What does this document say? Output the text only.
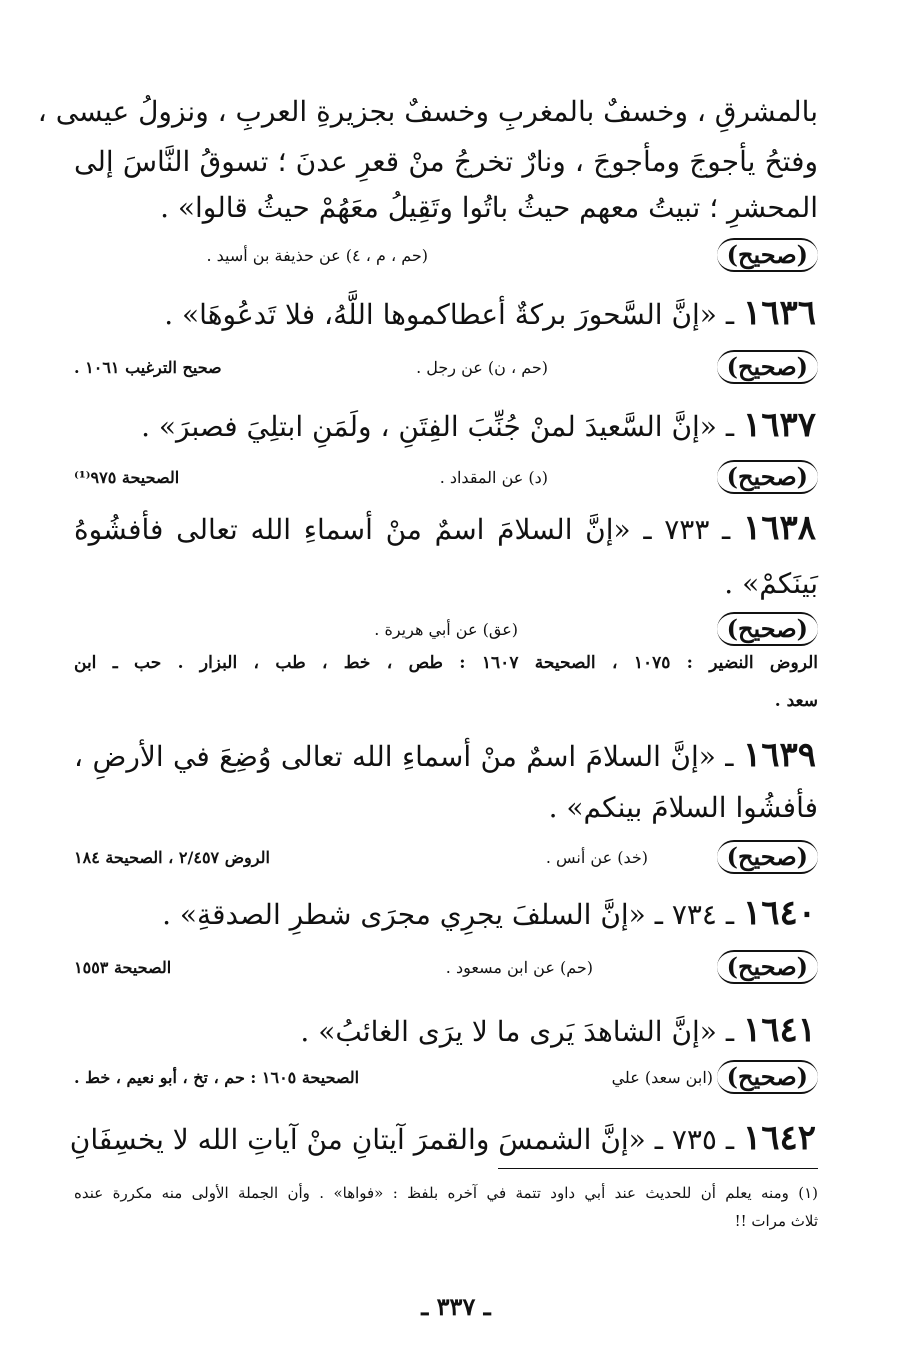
بالمشرقِ ، وخسفٌ بالمغربِ وخسفٌ بجزيرةِ العربِ ، ونزولُ عيسى ،
وفتحُ يأجوجَ ومأجوجَ ، ونارٌ تخرجُ منْ قعرِ عدنَ ؛ تسوقُ النَّاسَ إلى
المحشرِ ؛ تبيتُ معهم حيثُ باتُوا وتَقِيلُ معَهُمْ حيثُ قالوا» .
( صحيح )
(حم ، م ، ٤) عن حذيفة بن أسيد .
١٦٣٦ ـ «إنَّ السَّحورَ بركةٌ أعطاكموها اللَّهُ، فلا تَدعُوهَا» .
( صحيح )
(حم ، ن) عن رجل .
صحيح الترغيب ١٠٦١ .
١٦٣٧ ـ «إنَّ السَّعيدَ لمنْ جُنِّبَ الفِتَنِ ، ولَمَنِ ابتلِيَ فصبرَ» .
( صحيح )
(د) عن المقداد .
الصحيحة ٩٧٥⁽¹⁾
١٦٣٨ ـ ٧٣٣ ـ «إنَّ السلامَ اسمٌ منْ أسماءِ الله تعالى فأفشُوهُ
بَينَكمْ» .
( صحيح )
(عق) عن أبي هريرة .
الروض النضير : ١٠٧٥ ، الصحيحة ١٦٠٧ : طص ، خط ، طب ، البزار . حب ـ ابن
سعد .
١٦٣٩ ـ «إنَّ السلامَ اسمٌ منْ أسماءِ الله تعالى وُضِعَ في الأرضِ ،
فأفشُوا السلامَ بينكم» .
( صحيح )
(خد) عن أنس .
الروض ٢/٤٥٧ ، الصحيحة ١٨٤
١٦٤٠ ـ ٧٣٤ ـ «إنَّ السلفَ يجرِي مجرَى شطرِ الصدقةِ» .
( صحيح )
(حم) عن ابن مسعود .
الصحيحة ١٥٥٣
١٦٤١ ـ «إنَّ الشاهدَ يَرى ما لا يرَى الغائبُ» .
( صحيح )
(ابن سعد) علي
الصحيحة ١٦٠٥ : حم ، تخ ، أبو نعيم ، خط .
١٦٤٢ ـ ٧٣٥ ـ «إنَّ الشمسَ والقمرَ آيتانِ منْ آياتِ الله لا يخسِفَانِ
(١) ومنه يعلم أن للحديث عند أبي داود تتمة في آخره بلفظ : «فواها» . وأن الجملة الأولى منه مكررة عنده
ثلاث مرات !!
ـ ٣٣٧ ـ
